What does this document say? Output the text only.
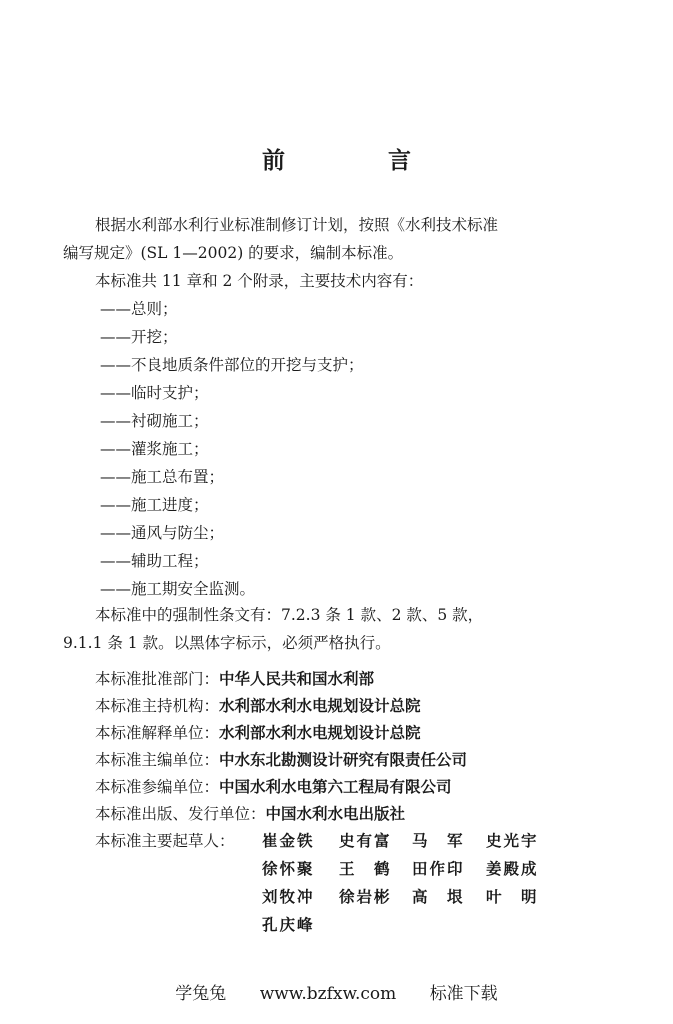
前　言
根据水利部水利行业标准制修订计划，按照《水利技术标准
编写规定》(SL 1—2002) 的要求，编制本标准。
本标准共 11 章和 2 个附录，主要技术内容有：
——总则；
——开挖；
——不良地质条件部位的开挖与支护；
——临时支护；
——衬砌施工；
——灌浆施工；
——施工总布置；
——施工进度；
——通风与防尘；
——辅助工程；
——施工期安全监测。
本标准中的强制性条文有：7.2.3 条 1 款、2 款、5 款，
9.1.1 条 1 款。以黑体字标示，必须严格执行。
本标准批准部门：中华人民共和国水利部
本标准主持机构：水利部水利水电规划设计总院
本标准解释单位：水利部水利水电规划设计总院
本标准主编单位：中水东北勘测设计研究有限责任公司
本标准参编单位：中国水利水电第六工程局有限公司
本标准出版、发行单位：中国水利水电出版社
本标准主要起草人： 崔金铁 史有富 马　军 史光宇
徐怀聚 王　鹤 田作印 姜殿成
刘牧冲 徐岩彬 高　垠 叶　明
孔庆峰
学兔兔 www.bzfxw.com 标准下载
